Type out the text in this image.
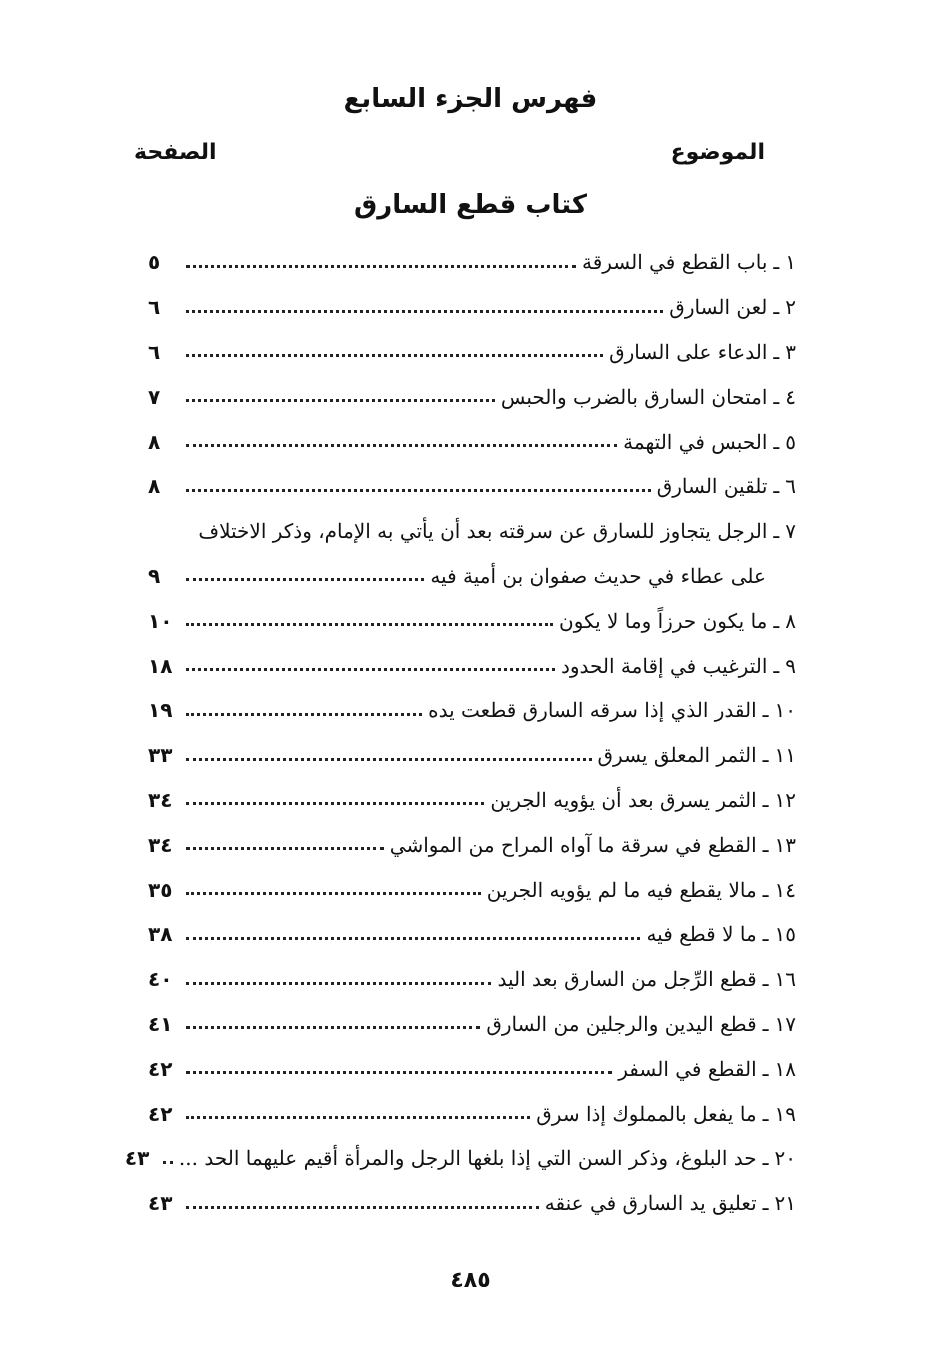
فهرس الجزء السابع
الموضوع
الصفحة
كتاب قطع السارق
١
ـ
باب القطع في السرقة
٥
٢
ـ
لعن السارق
٦
٣
ـ
الدعاء على السارق
٦
٤
ـ
امتحان السارق بالضرب والحبس
٧
٥
ـ
الحبس في التهمة
٨
٦
ـ
تلقين السارق
٨
٧
ـ
الرجل يتجاوز للسارق عن سرقته بعد أن يأتي به الإمام، وذكر الاختلاف
على عطاء في حديث صفوان بن أمية فيه
٩
٨
ـ
ما يكون حرزاً وما لا يكون
١٠
٩
ـ
الترغيب في إقامة الحدود
١٨
١٠
ـ
القدر الذي إذا سرقه السارق قطعت يده
١٩
١١
ـ
الثمر المعلق يسرق
٣٣
١٢
ـ
الثمر يسرق بعد أن يؤويه الجرين
٣٤
١٣
ـ
القطع في سرقة ما آواه المراح من المواشي
٣٤
١٤
ـ
مالا يقطع فيه ما لم يؤويه الجرين
٣٥
١٥
ـ
ما لا قطع فيه
٣٨
١٦
ـ
قطع الرِّجل من السارق بعد اليد
٤٠
١٧
ـ
قطع اليدين والرجلين من السارق
٤١
١٨
ـ
القطع في السفر
٤٢
١٩
ـ
ما يفعل بالمملوك إذا سرق
٤٢
٢٠
ـ
حد البلوغ، وذكر السن التي إذا بلغها الرجل والمرأة أقيم عليهما الحد ...
٤٣
٢١
ـ
تعليق يد السارق في عنقه
٤٣
٤٨٥
